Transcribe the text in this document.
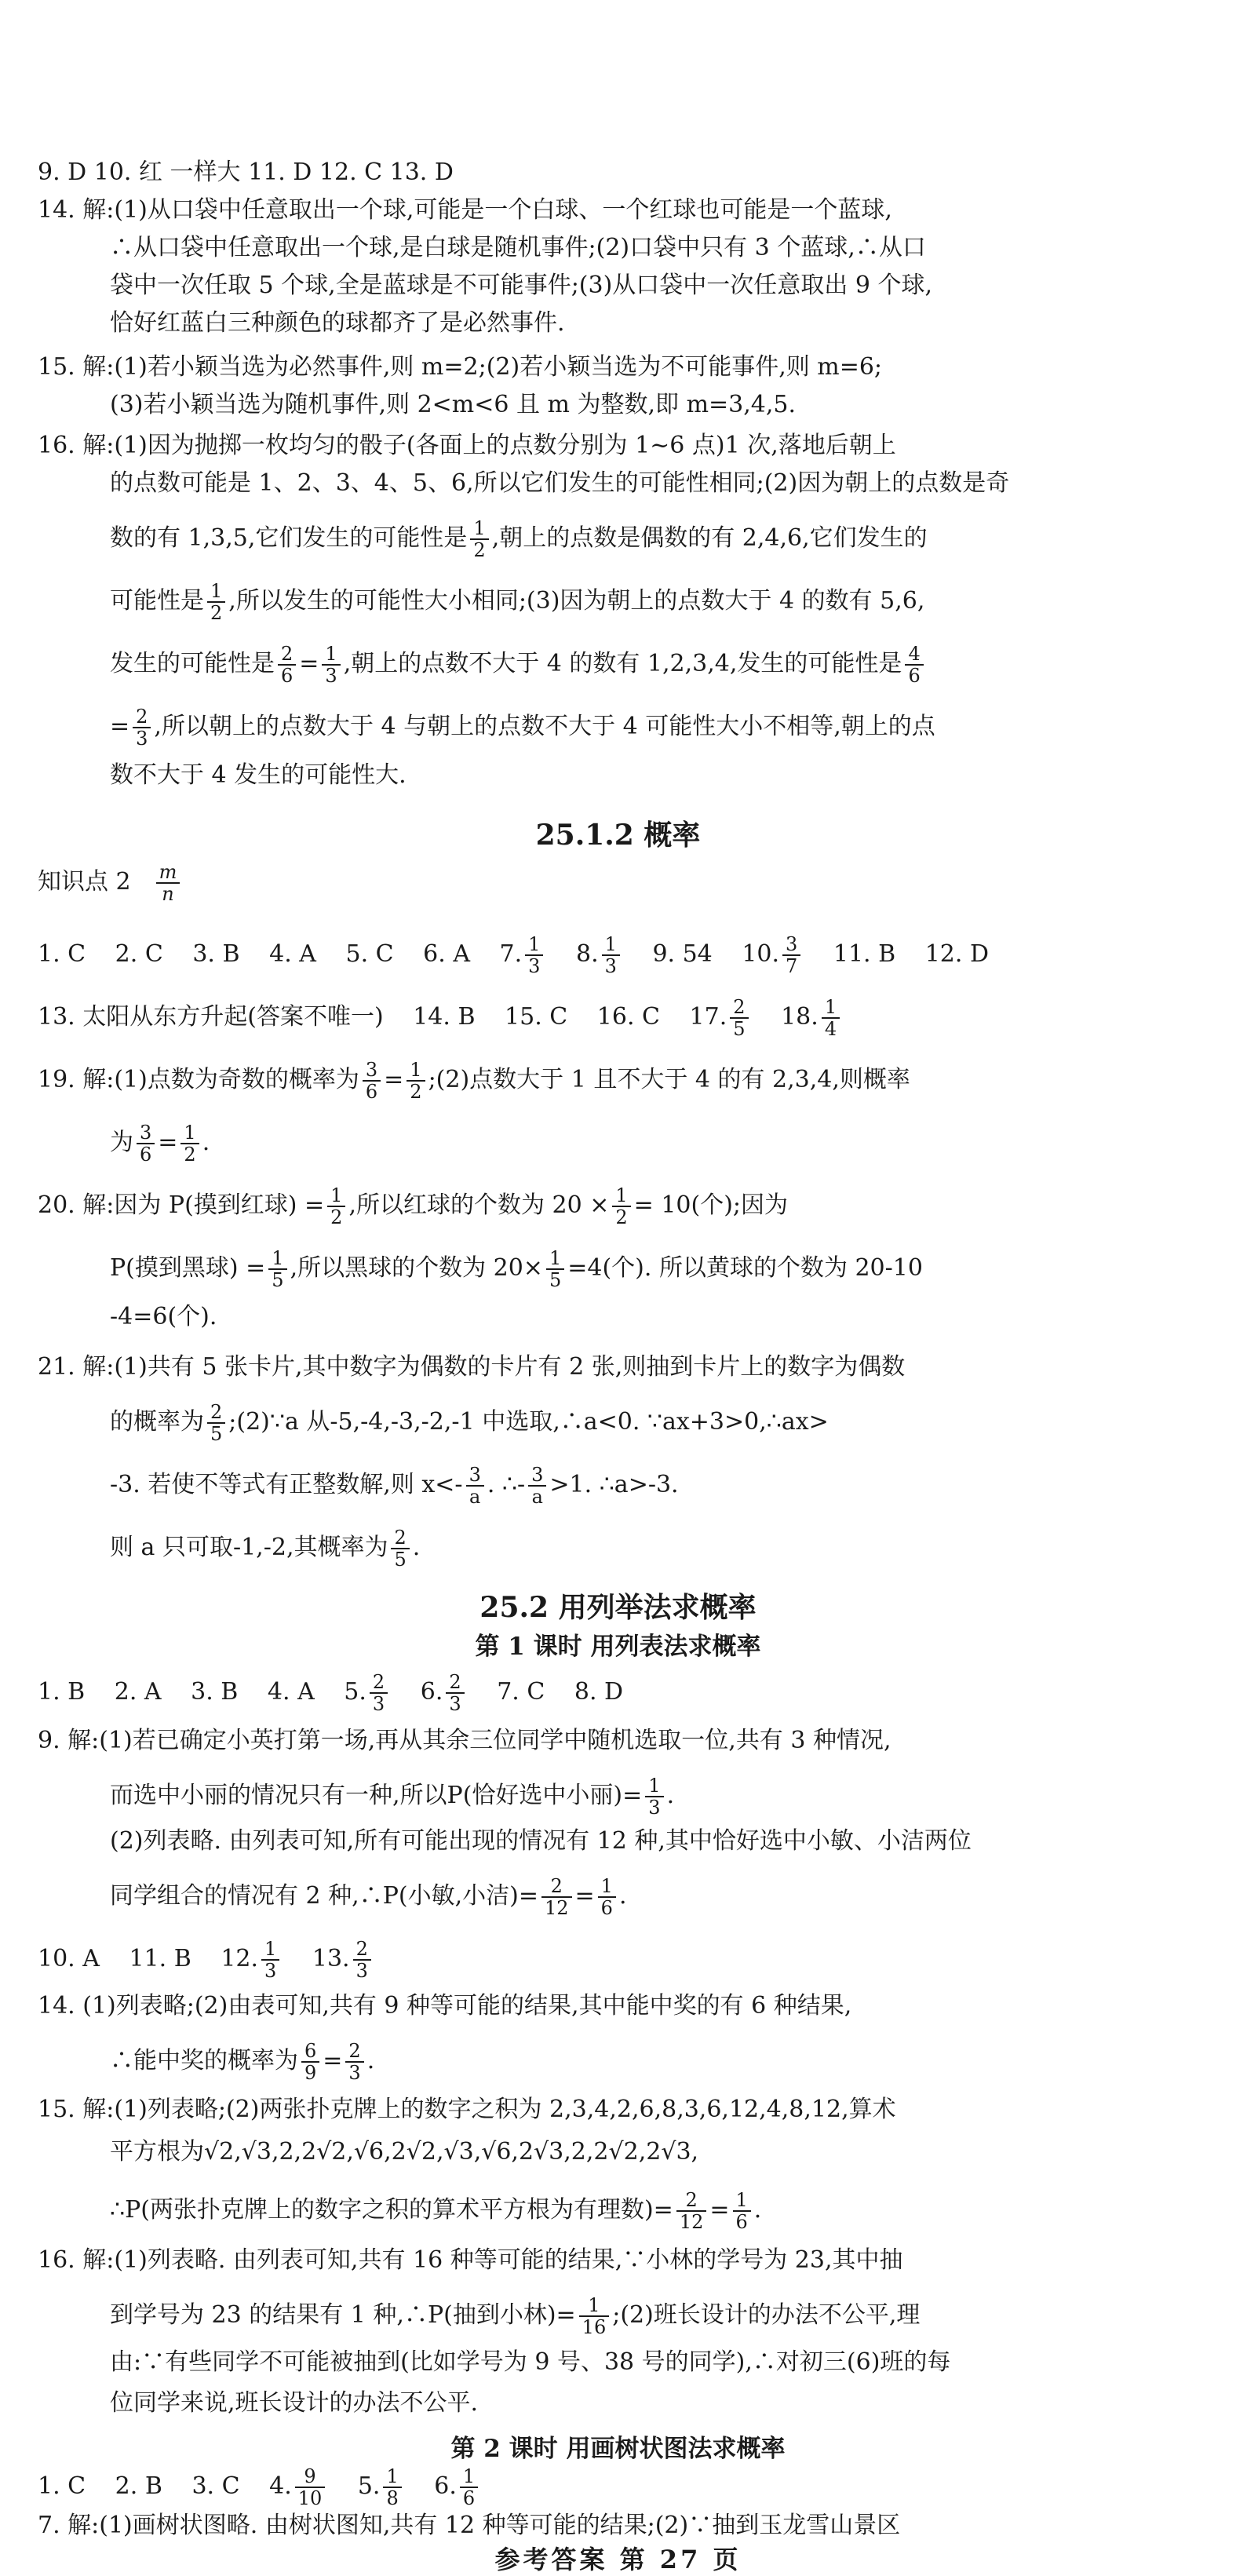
9. D 10. 红 一样大 11. D 12. C 13. D
14. 解:(1)从口袋中任意取出一个球,可能是一个白球、一个红球也可能是一个蓝球,
∴从口袋中任意取出一个球,是白球是随机事件;(2)口袋中只有 3 个蓝球,∴从口
袋中一次任取 5 个球,全是蓝球是不可能事件;(3)从口袋中一次任意取出 9 个球,
恰好红蓝白三种颜色的球都齐了是必然事件.
15. 解:(1)若小颖当选为必然事件,则 m=2;(2)若小颖当选为不可能事件,则 m=6;
(3)若小颖当选为随机事件,则 2<m<6 且 m 为整数,即 m=3,4,5.
16. 解:(1)因为抛掷一枚均匀的骰子(各面上的点数分别为 1~6 点)1 次,落地后朝上
的点数可能是 1、2、3、4、5、6,所以它们发生的可能性相同;(2)因为朝上的点数是奇
数的有 1,3,5,它们发生的可能性是 $\frac{1}{2}$ ,朝上的点数是偶数的有 2,4,6,它们发生的
可能性是 $\frac{1}{2}$ ,所以发生的可能性大小相同;(3)因为朝上的点数大于 4 的数有 5,6,
发生的可能性是 $\frac{2}{6} = \frac{1}{3}$ ,朝上的点数不大于 4 的数有 1,2,3,4,发生的可能性是 $\frac{4}{6}$
= $\frac{2}{3}$ ,所以朝上的点数大于 4 与朝上的点数不大于 4 可能性大小不相等,朝上的点
数不大于 4 发生的可能性大.
25.1.2 概率
知识点 $2 \frac{m}{n}$
1. C 2. C 3. B 4. A 5. C 6. A 7. $\frac{1}{3} 8$. $\frac{1}{3} 9$. 54 10. $\frac{3}{7} 11$. B 12. D
13. 太阳从东方升起(答案不唯一) 14. B 15. C 16. C 17. $\frac{2}{5} 18$. $\frac{1}{4}$
19. 解:(1)点数为奇数的概率为 $\frac{3}{6} = \frac{1}{2}$ ;(2)点数大于 1 且不大于 4 的有 2,3,4,则概率
为 $\frac{3}{6} = \frac{1}{2}$ .
20. 解:因为 P(摸到红球) = $\frac{1}{2}$ ,所以红球的个数为 $20 \times \frac{1}{2} = 10$(个);因为
P(摸到黑球) = $\frac{1}{5}$ ,所以黑球的个数为 $20\times \frac{1}{5} =4$(个). 所以黄球的个数为 20-10
-4=6(个).
21. 解:(1)共有 5 张卡片,其中数字为偶数的卡片有 2 张,则抽到卡片上的数字为偶数
的概率为 $\frac{2}{5}$ ;(2)∵a 从-5,-4,-3,-2,-1 中选取,∴a<0. ∵ax+3>0,∴ax>
-3. 若使不等式有正整数解,则 $x<- \frac{3}{a}$ . ∴- $\frac{3}{a} >1$. ∴a>-3.
则 a 只可取-1,-2,其概率为 $\frac{2}{5}$ .
25.2 用列举法求概率
第 1 课时 用列表法求概率
1. B 2. A 3. B 4. A 5. $\frac{2}{3} 6$. $\frac{2}{3} 7$. C 8. D
9. 解:(1)若已确定小英打第一场,再从其余三位同学中随机选取一位,共有 3 种情况,
而选中小丽的情况只有一种,所以P(恰好选中小丽)= $\frac{1}{3}$ .
(2)列表略. 由列表可知,所有可能出现的情况有 12 种,其中恰好选中小敏、小洁两位
同学组合的情况有 2 种,∴P(小敏,小洁)= $\frac{2}{12} = \frac{1}{6}$ .
10. A 11. B 12. $\frac{1}{3} 13$. $\frac{2}{3}$
14. (1)列表略;(2)由表可知,共有 9 种等可能的结果,其中能中奖的有 6 种结果,
∴能中奖的概率为 $\frac{6}{9} = \frac{2}{3}$ .
15. 解:(1)列表略;(2)两张扑克牌上的数字之积为 2,3,4,2,6,8,3,6,12,4,8,12,算术
平方根为√2,√3,2,2√2,√6,2√2,√3,√6,2√3,2,2√2,2√3,
∴P(两张扑克牌上的数字之积的算术平方根为有理数)= $\frac{2}{12} = \frac{1}{6}$ .
16. 解:(1)列表略. 由列表可知,共有 16 种等可能的结果,∵小林的学号为 23,其中抽
到学号为 23 的结果有 1 种,∴P(抽到小林)= $\frac{1}{16}$ ;(2)班长设计的办法不公平,理
由:∵有些同学不可能被抽到(比如学号为 9 号、38 号的同学),∴对初三(6)班的每
位同学来说,班长设计的办法不公平.
第 2 课时 用画树状图法求概率
1. C 2. B 3. C 4. $\frac{9}{10} 5$. $\frac{1}{8} 6$. $\frac{1}{6}$
7. 解:(1)画树状图略. 由树状图知,共有 12 种等可能的结果;(2)∵抽到玉龙雪山景区
参考答案 第 27 页
